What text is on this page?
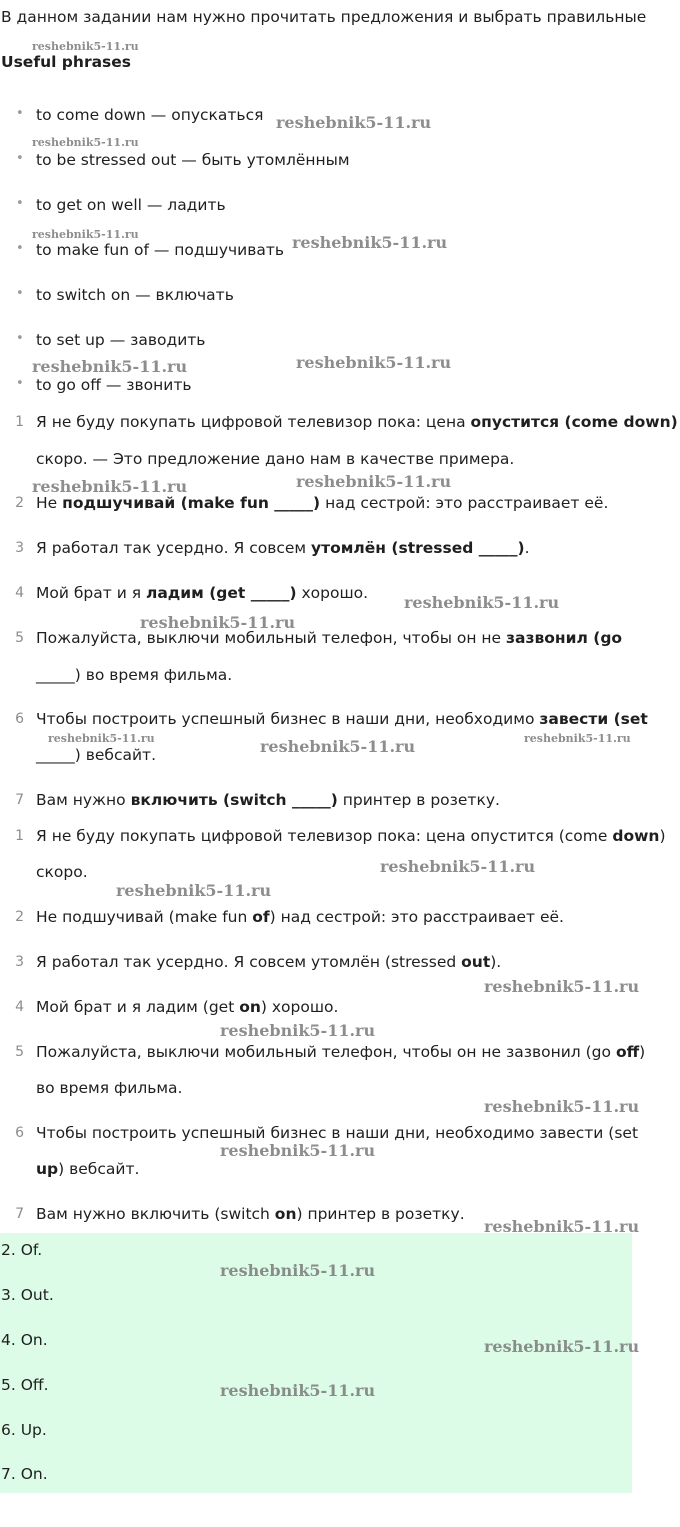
В данном задании нам нужно прочитать предложения и выбрать правильные
Useful phrases
• to come down — опускаться
• to be stressed out — быть утомлённым
• to get on well — ладить
• to make fun of — подшучивать
• to switch on — включать
• to set up — заводить
• to go off — звонить
1 Я не буду покупать цифровой телевизор пока: цена опустится (come down)
скоро. — Это предложение дано нам в качестве примера.
2 Не подшучивай (make fun _____) над сестрой: это расстраивает её.
3 Я работал так усердно. Я совсем утомлён (stressed _____).
4 Мой брат и я ладим (get _____) хорошо.
5 Пожалуйста, выключи мобильный телефон, чтобы он не зазвонил (go
_____) во время фильма.
6 Чтобы построить успешный бизнес в наши дни, необходимо завести (set
_____) вебсайт.
7 Вам нужно включить (switch _____) принтер в розетку.
1 Я не буду покупать цифровой телевизор пока: цена опустится (come down)
скоро.
2 Не подшучивай (make fun of) над сестрой: это расстраивает её.
3 Я работал так усердно. Я совсем утомлён (stressed out).
4 Мой брат и я ладим (get on) хорошо.
5 Пожалуйста, выключи мобильный телефон, чтобы он не зазвонил (go off)
во время фильма.
6 Чтобы построить успешный бизнес в наши дни, необходимо завести (set
up) вебсайт.
7 Вам нужно включить (switch on) принтер в розетку.
2. Of.
3. Out.
4. On.
5. Off.
6. Up.
7. On.
reshebnik5-11.ru
reshebnik5-11.ru
reshebnik5-11.ru
reshebnik5-11.ru	reshebnik5-11.ru
reshebnik5-11.ru	reshebnik5-11.ru
reshebnik5-11.ru	reshebnik5-11.ru
reshebnik5-11.ru
reshebnik5-11.ru
reshebnik5-11.ru	reshebnik5-11.ru	reshebnik5-11.ru
reshebnik5-11.ru
reshebnik5-11.ru
reshebnik5-11.ru
reshebnik5-11.ru
reshebnik5-11.ru
reshebnik5-11.ru
reshebnik5-11.ru
reshebnik5-11.ru
reshebnik5-11.ru
reshebnik5-11.ru
